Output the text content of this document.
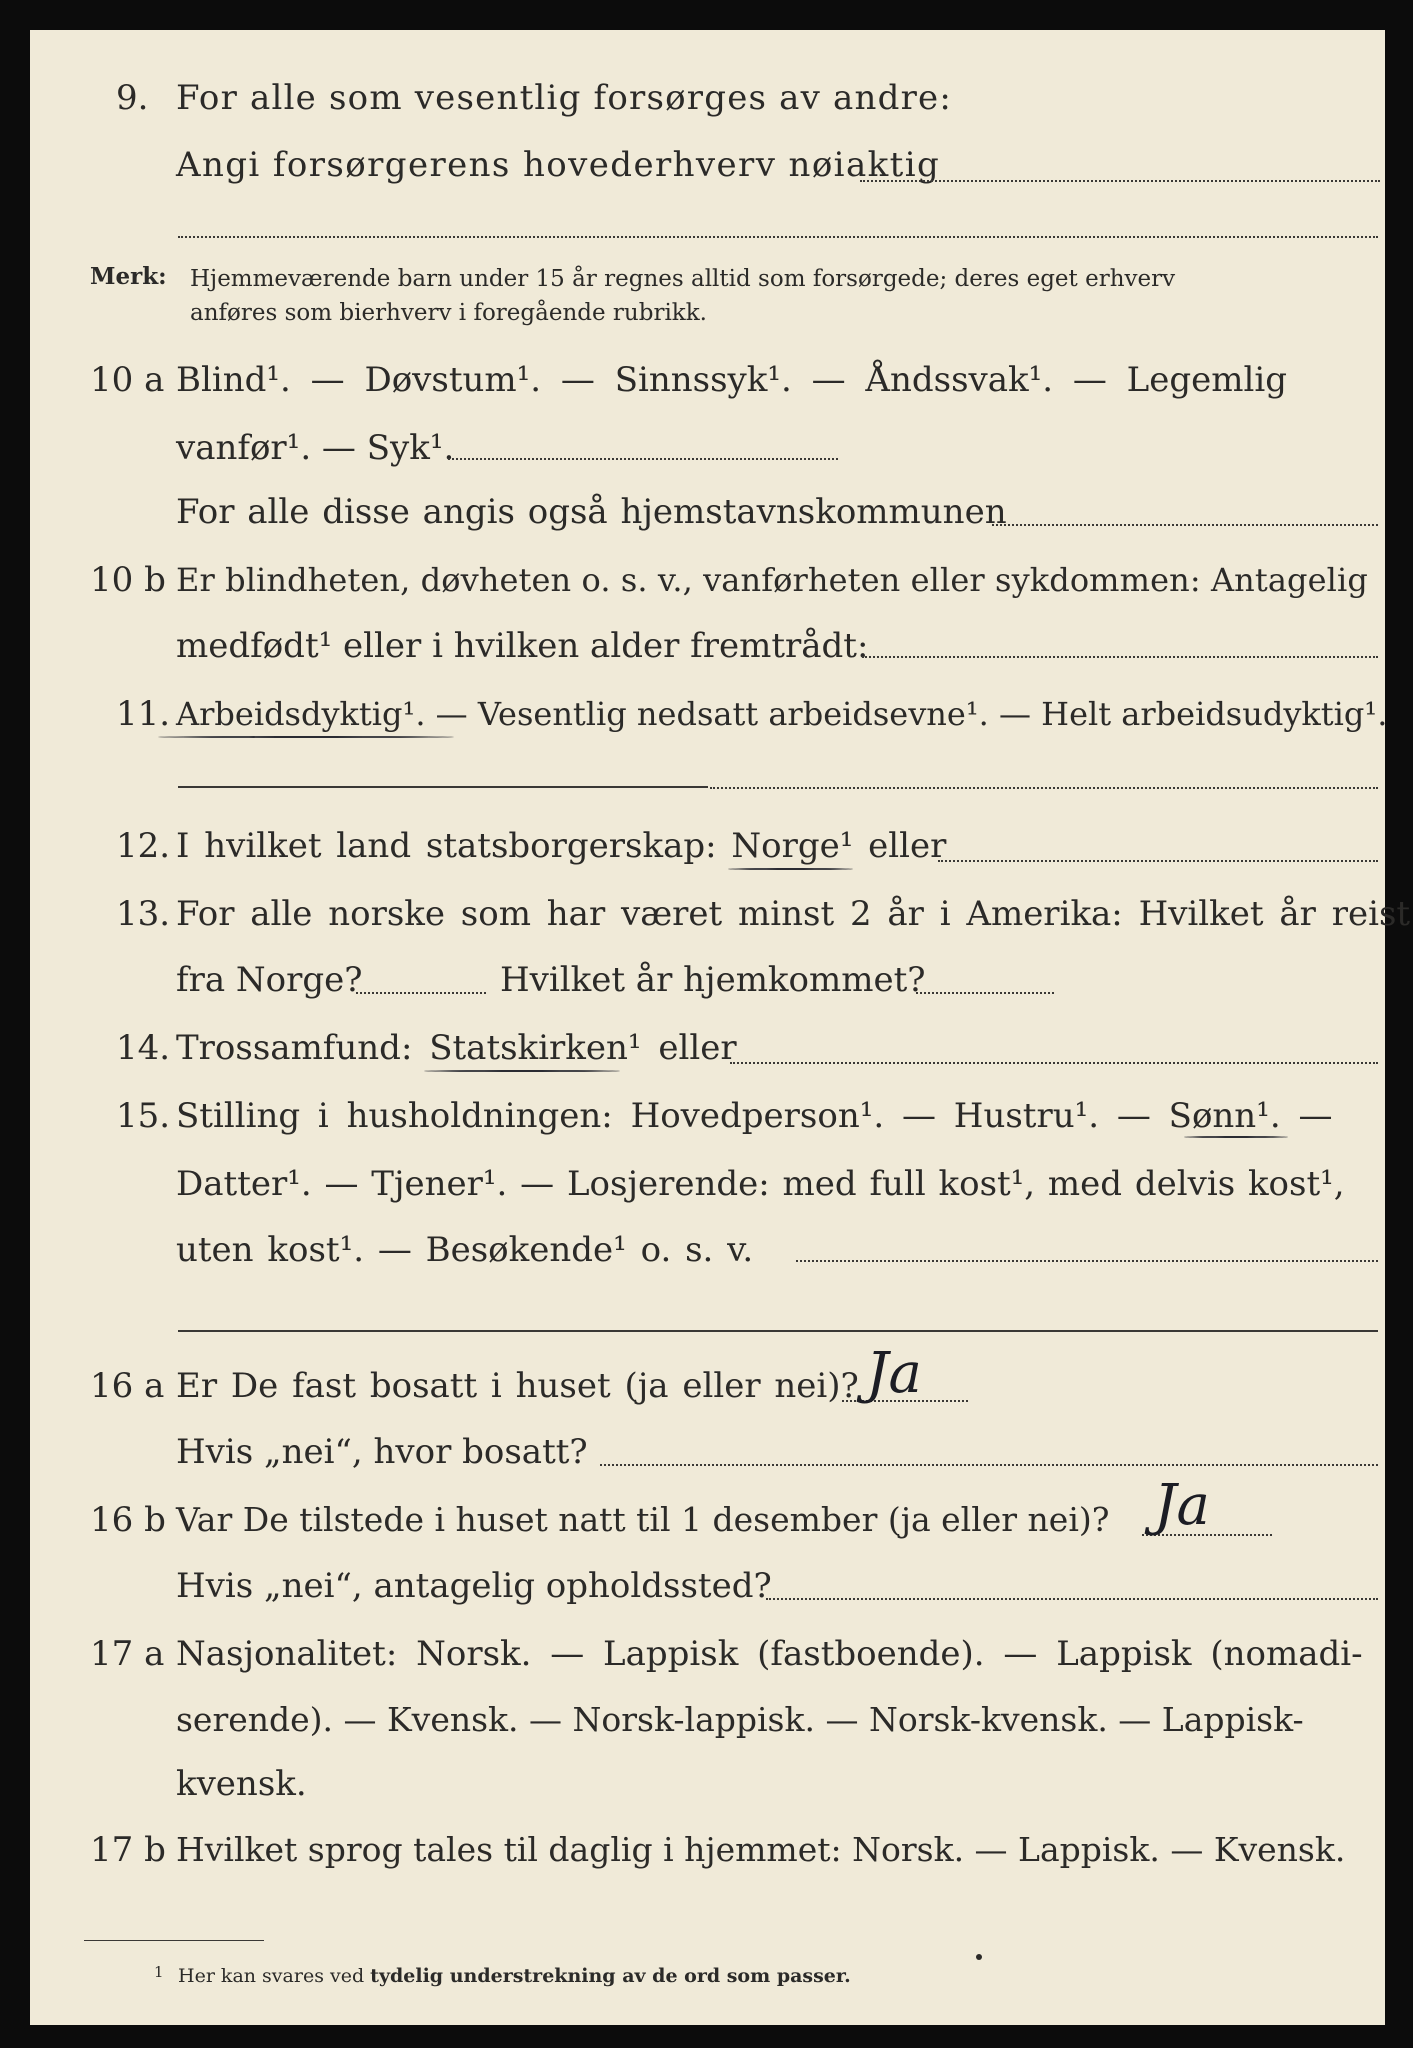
9. For alle som vesentlig forsørges av andre:
Angi forsørgerens hovederhverv nøiaktig
Merk: Hjemmeværende barn under 15 år regnes alltid som forsørgede; deres eget erhverv
anføres som bierhverv i foregående rubrikk.
10 a Blind¹. — Døvstum¹. — Sinnssyk¹. — Åndssvak¹. — Legemlig
vanfør¹. — Syk¹.
For alle disse angis også hjemstavnskommunen
10 b Er blindheten, døvheten o. s. v., vanførheten eller sykdommen: Antagelig
medfødt¹ eller i hvilken alder fremtrådt:
11. Arbeidsdyktig¹. — Vesentlig nedsatt arbeidsevne¹. — Helt arbeidsudyktig¹.
12. I hvilket land statsborgerskap: Norge¹ eller
13. For alle norske som har været minst 2 år i Amerika: Hvilket år reist
fra Norge?	Hvilket år hjemkommet?
14. Trossamfund: Statskirken¹ eller
15. Stilling i husholdningen: Hovedperson¹. — Hustru¹. — Sønn¹. —
Datter¹. — Tjener¹. — Losjerende: med full kost¹, med delvis kost¹,
uten kost¹. — Besøkende¹ o. s. v.
16 a Er De fast bosatt i huset (ja eller nei)? Ja
Hvis „nei“, hvor bosatt?
16 b Var De tilstede i huset natt til 1 desember (ja eller nei)? Ja
Hvis „nei“, antagelig opholdssted?
17 a Nasjonalitet: Norsk. — Lappisk (fastboende). — Lappisk (nomadi-
serende). — Kvensk. — Norsk-lappisk. — Norsk-kvensk. — Lappisk-
kvensk.
17 b Hvilket sprog tales til daglig i hjemmet: Norsk. — Lappisk. — Kvensk.
1 Her kan svares ved tydelig understrekning av de ord som passer.
